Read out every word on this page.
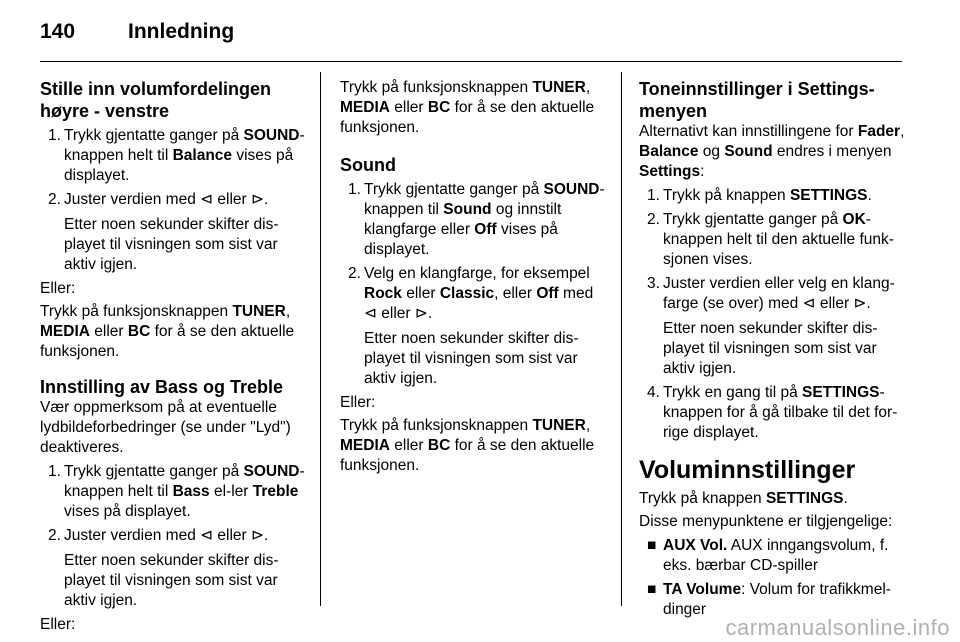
140	Innledning
Stille inn volumfordelingen høyre - venstre
1. Trykk gjentatte ganger på SOUND-knappen helt til Balance vises på displayet.
2. Juster verdien med ⊲ eller ⊳.
Etter noen sekunder skifter dis-playet til visningen som sist var aktiv igjen.

Eller:

Trykk på funksjonsknappen TUNER, MEDIA eller BC for å se den aktuelle funksjonen.

Innstilling av Bass og Treble

Vær oppmerksom på at eventuelle lydbildeforbedringer (se under "Lyd") deaktiveres.

1. Trykk gjentatte ganger på SOUND-knappen helt til Bass el-ler Treble vises på displayet.
2. Juster verdien med ⊲ eller ⊳.
Etter noen sekunder skifter dis-playet til visningen som sist var aktiv igjen.

Eller:

Trykk på funksjonsknappen TUNER, MEDIA eller BC for å se den aktuelle funksjonen.

Sound
1. Trykk gjentatte ganger på SOUND-knappen til Sound og innstilt klangfarge eller Off vises på displayet.
2. Velg en klangfarge, for eksempel Rock eller Classic, eller Off med ⊲ eller ⊳.
Etter noen sekunder skifter dis-playet til visningen som sist var aktiv igjen.

Eller:

Trykk på funksjonsknappen TUNER, MEDIA eller BC for å se den aktuelle funksjonen.

Toneinnstillinger i Settings-menyen

Alternativt kan innstillingene for Fader, Balance og Sound endres i menyen Settings:

1. Trykk på knappen SETTINGS.
2. Trykk gjentatte ganger på OK-knappen helt til den aktuelle funk-sjonen vises.
3. Juster verdien eller velg en klang-farge (se over) med ⊲ eller ⊳.
Etter noen sekunder skifter dis-playet til visningen som sist var aktiv igjen.
4. Trykk en gang til på SETTINGS-knappen for å gå tilbake til det for-rige displayet.
Voluminnstillinger

Trykk på knappen SETTINGS.

Disse menypunktene er tilgjengelige:

■ AUX Vol. AUX inngangsvolum, f. eks. bærbar CD-spiller
■ TA Volume: Volum for trafikkmel-dinger
carmanualsonline.info
